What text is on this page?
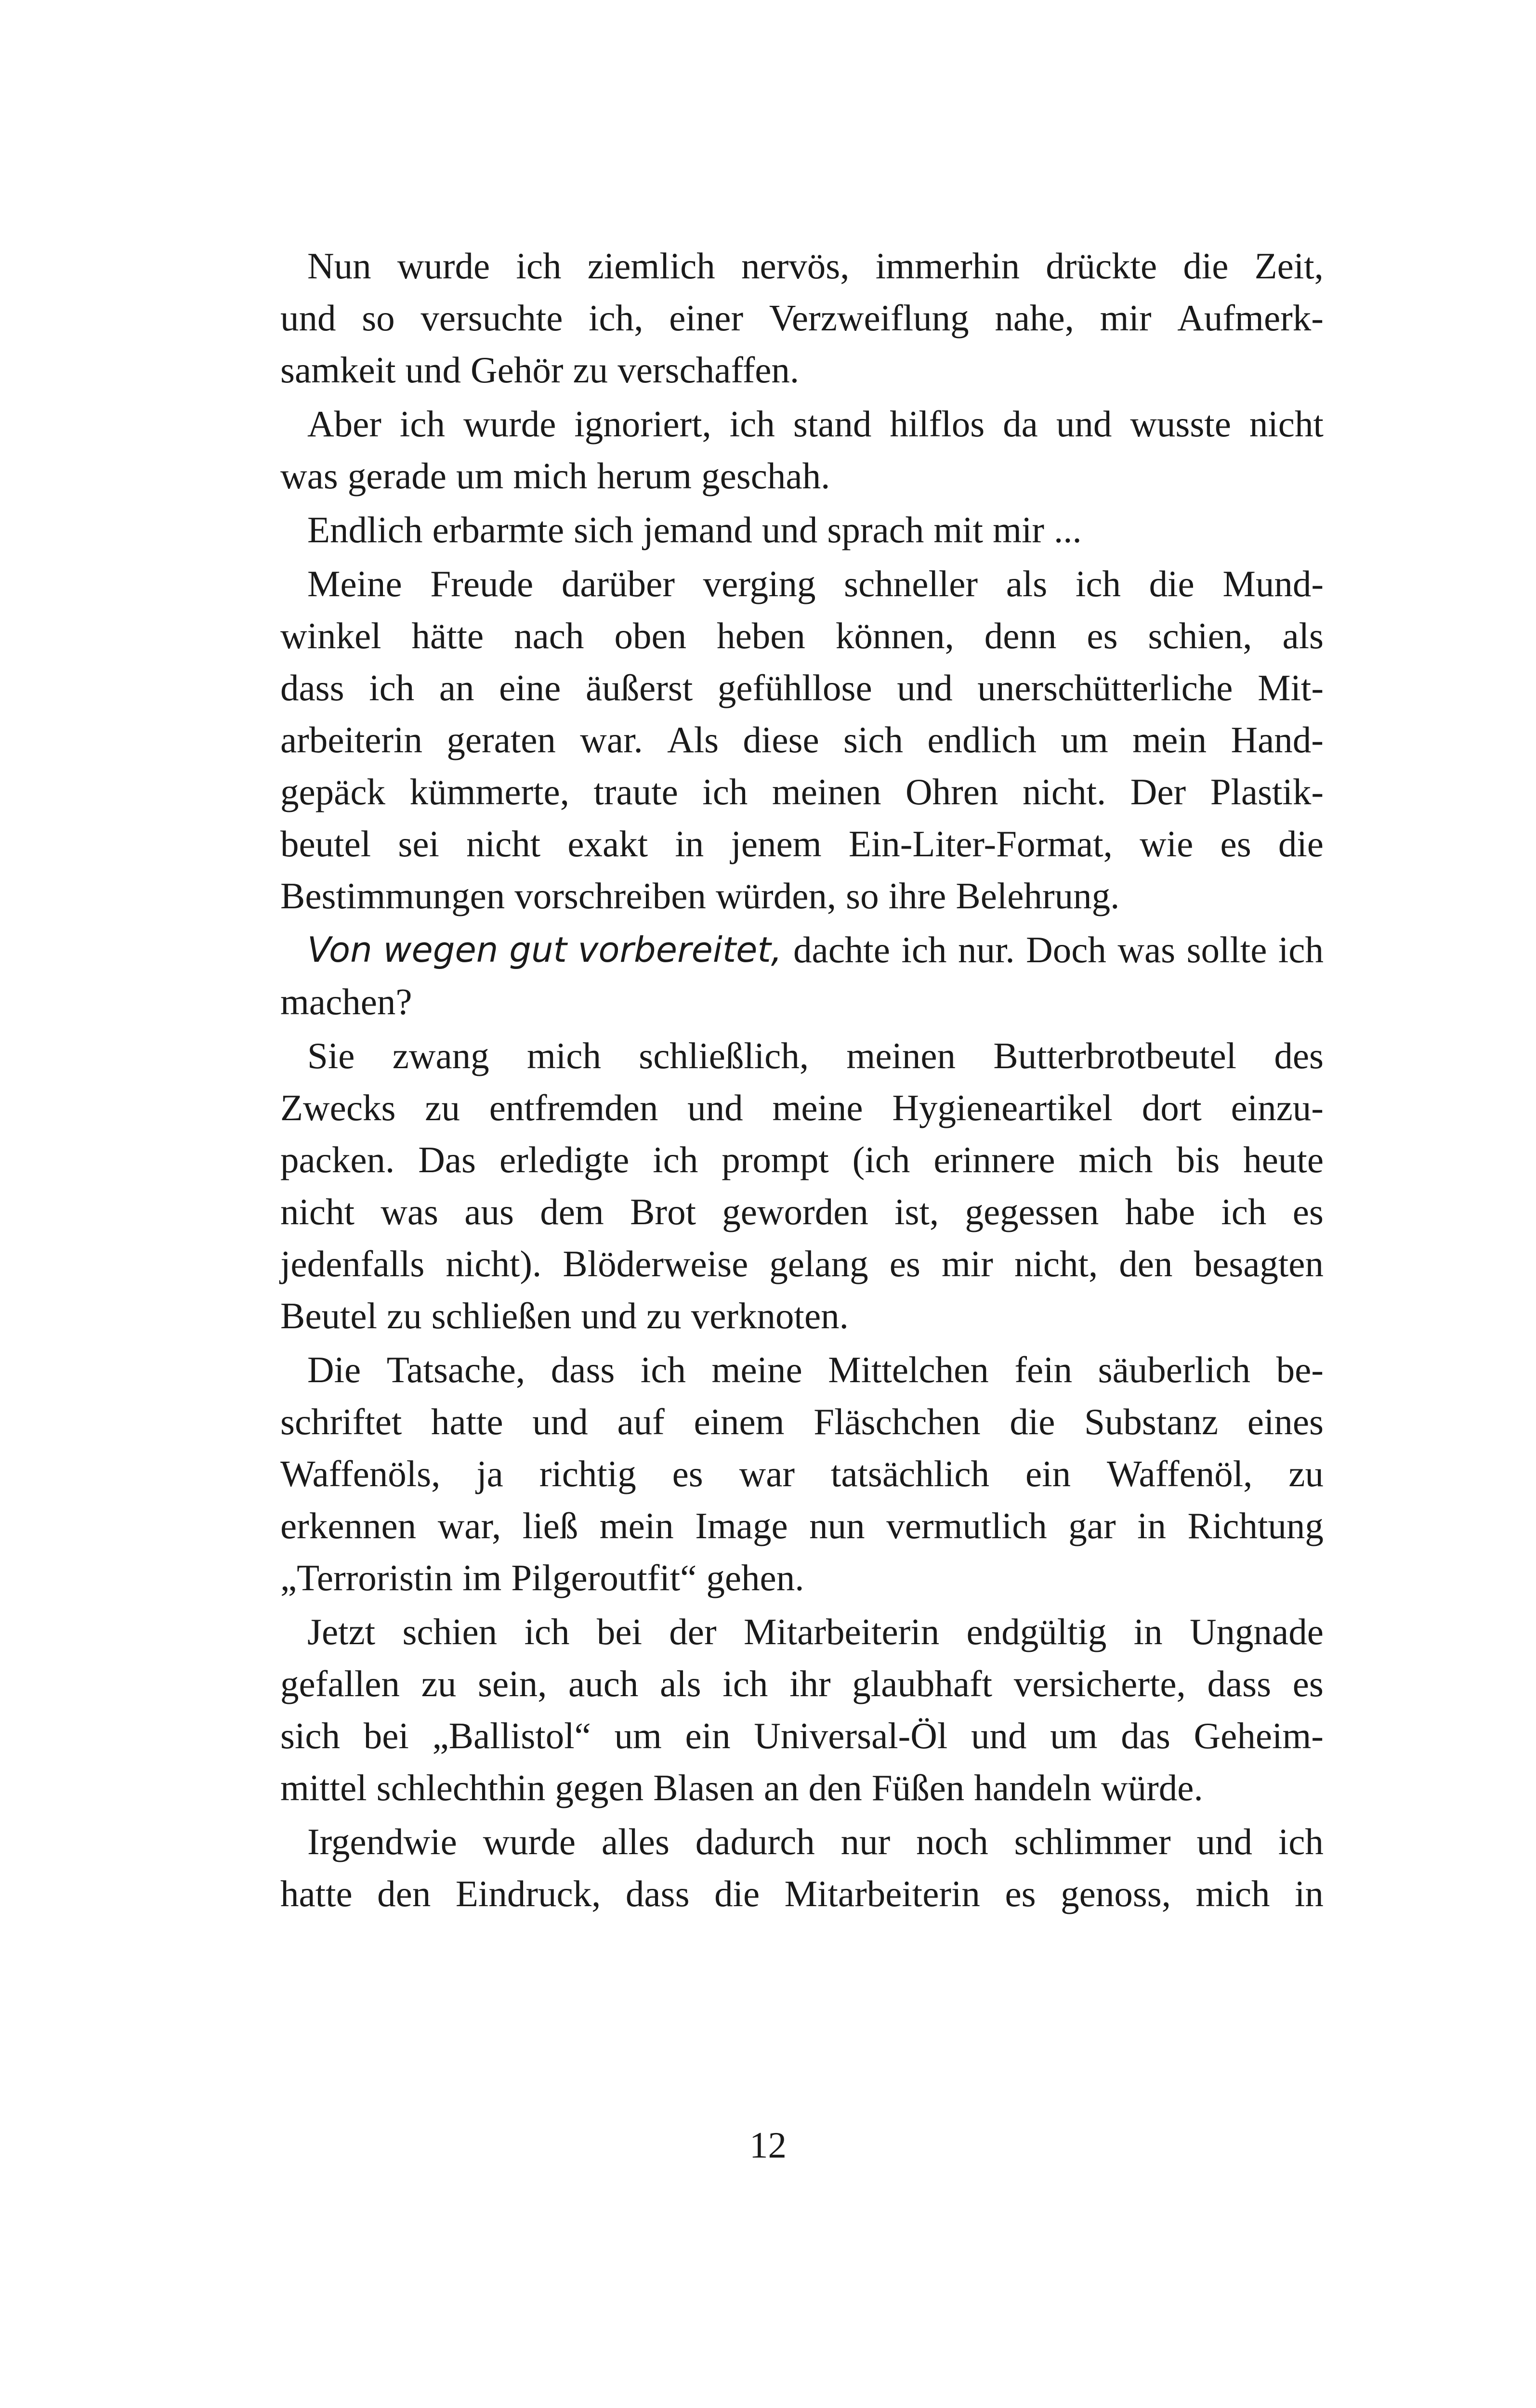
Nun wurde ich ziemlich nervös, immerhin drückte die Zeit,
und so versuchte ich, einer Verzweiflung nahe, mir Aufmerk-
samkeit und Gehör zu verschaffen.
Aber ich wurde ignoriert, ich stand hilflos da und wusste nicht
was gerade um mich herum geschah.
Endlich erbarmte sich jemand und sprach mit mir ...
Meine Freude darüber verging schneller als ich die Mund-
winkel hätte nach oben heben können, denn es schien, als
dass ich an eine äußerst gefühllose und unerschütterliche Mit-
arbeiterin geraten war. Als diese sich endlich um mein Hand-
gepäck kümmerte, traute ich meinen Ohren nicht. Der Plastik-
beutel sei nicht exakt in jenem Ein-Liter-Format, wie es die
Bestimmungen vorschreiben würden, so ihre Belehrung.
Von wegen gut vorbereitet, dachte ich nur. Doch was sollte ich
machen?
Sie zwang mich schließlich, meinen Butterbrotbeutel des
Zwecks zu entfremden und meine Hygieneartikel dort einzu-
packen. Das erledigte ich prompt (ich erinnere mich bis heute
nicht was aus dem Brot geworden ist, gegessen habe ich es
jedenfalls nicht). Blöderweise gelang es mir nicht, den besagten
Beutel zu schließen und zu verknoten.
Die Tatsache, dass ich meine Mittelchen fein säuberlich be-
schriftet hatte und auf einem Fläschchen die Substanz eines
Waffenöls, ja richtig es war tatsächlich ein Waffenöl, zu
erkennen war, ließ mein Image nun vermutlich gar in Richtung
„Terroristin im Pilgeroutfit“ gehen.
Jetzt schien ich bei der Mitarbeiterin endgültig in Ungnade
gefallen zu sein, auch als ich ihr glaubhaft versicherte, dass es
sich bei „Ballistol“ um ein Universal-Öl und um das Geheim-
mittel schlechthin gegen Blasen an den Füßen handeln würde.
Irgendwie wurde alles dadurch nur noch schlimmer und ich
hatte den Eindruck, dass die Mitarbeiterin es genoss, mich in
12
